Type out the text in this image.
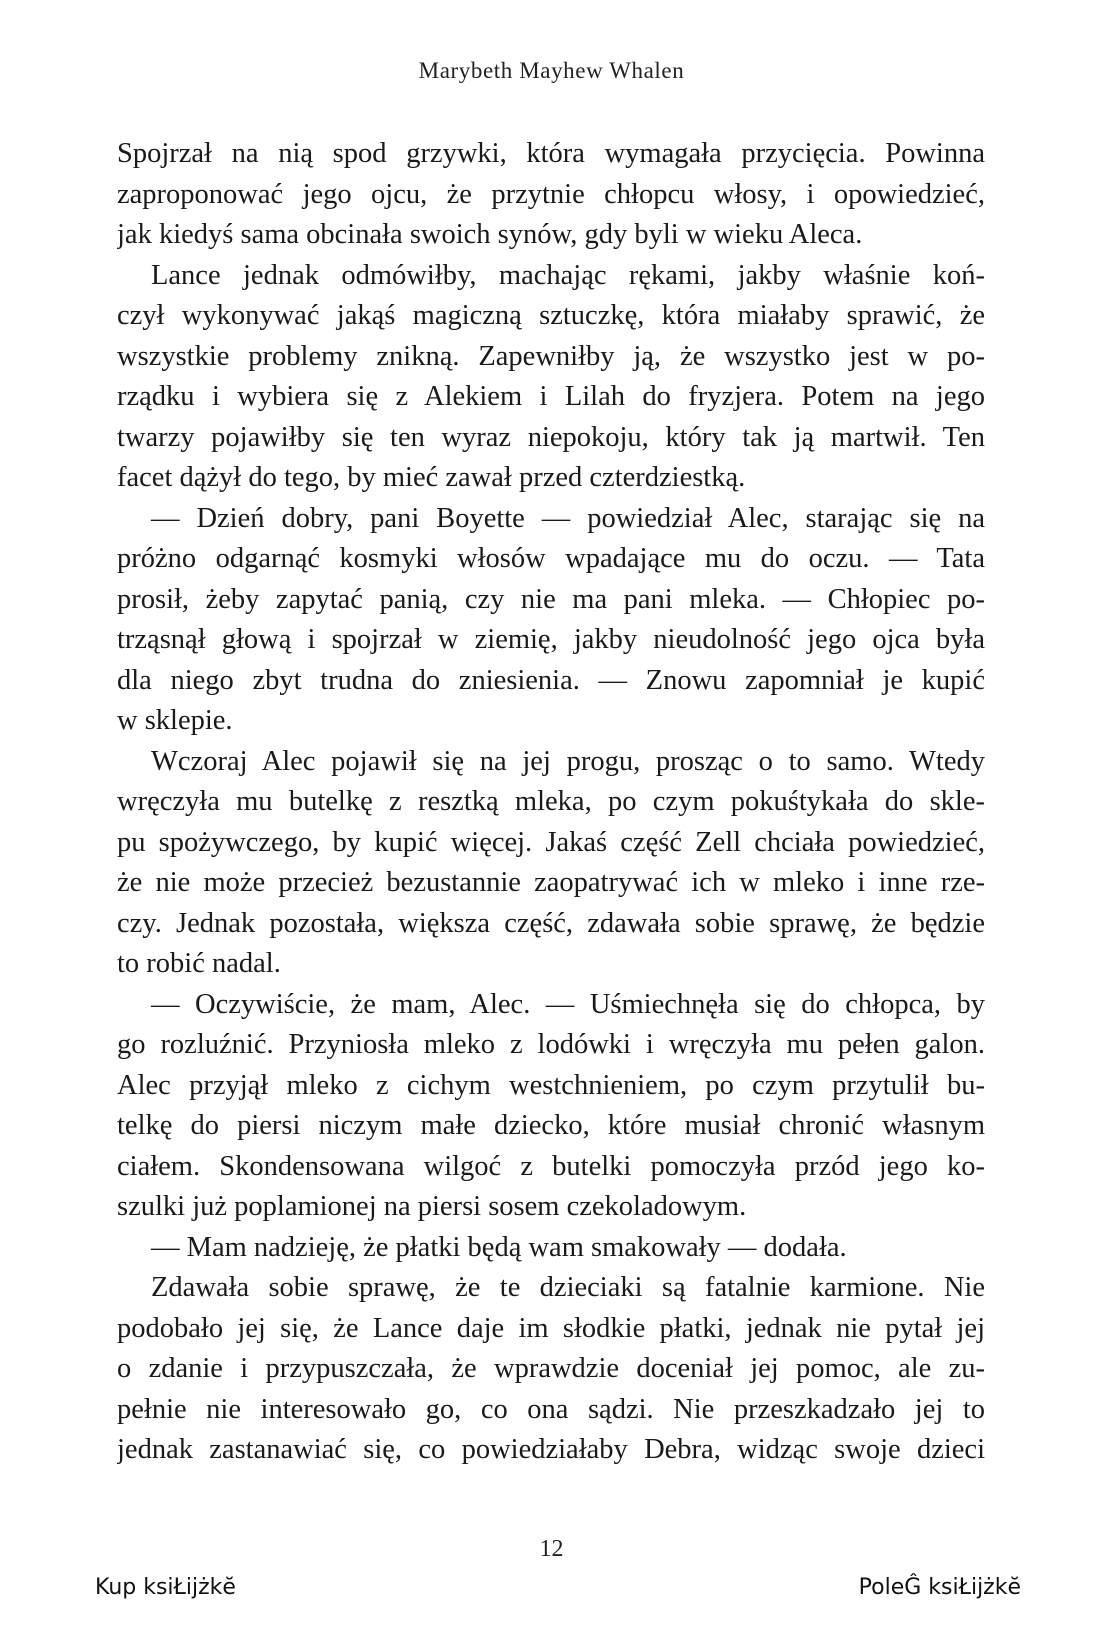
Marybeth Mayhew Whalen
Spojrzał na nią spod grzywki, która wymagała przycięcia. Powinna
zaproponować jego ojcu, że przytnie chłopcu włosy, i opowiedzieć,
jak kiedyś sama obcinała swoich synów, gdy byli w wieku Aleca.
Lance jednak odmówiłby, machając rękami, jakby właśnie koń-
czył wykonywać jakąś magiczną sztuczkę, która miałaby sprawić, że
wszystkie problemy znikną. Zapewniłby ją, że wszystko jest w po-
rządku i wybiera się z Alekiem i Lilah do fryzjera. Potem na jego
twarzy pojawiłby się ten wyraz niepokoju, który tak ją martwił. Ten
facet dążył do tego, by mieć zawał przed czterdziestką.
— Dzień dobry, pani Boyette — powiedział Alec, starając się na
próżno odgarnąć kosmyki włosów wpadające mu do oczu. — Tata
prosił, żeby zapytać panią, czy nie ma pani mleka. — Chłopiec po-
trząsnął głową i spojrzał w ziemię, jakby nieudolność jego ojca była
dla niego zbyt trudna do zniesienia. — Znowu zapomniał je kupić
w sklepie.
Wczoraj Alec pojawił się na jej progu, prosząc o to samo. Wtedy
wręczyła mu butelkę z resztką mleka, po czym pokuśtykała do skle-
pu spożywczego, by kupić więcej. Jakaś część Zell chciała powiedzieć,
że nie może przecież bezustannie zaopatrywać ich w mleko i inne rze-
czy. Jednak pozostała, większa część, zdawała sobie sprawę, że będzie
to robić nadal.
— Oczywiście, że mam, Alec. — Uśmiechnęła się do chłopca, by
go rozluźnić. Przyniosła mleko z lodówki i wręczyła mu pełen galon.
Alec przyjął mleko z cichym westchnieniem, po czym przytulił bu-
telkę do piersi niczym małe dziecko, które musiał chronić własnym
ciałem. Skondensowana wilgoć z butelki pomoczyła przód jego ko-
szulki już poplamionej na piersi sosem czekoladowym.
— Mam nadzieję, że płatki będą wam smakowały — dodała.
Zdawała sobie sprawę, że te dzieciaki są fatalnie karmione. Nie
podobało jej się, że Lance daje im słodkie płatki, jednak nie pytał jej
o zdanie i przypuszczała, że wprawdzie doceniał jej pomoc, ale zu-
pełnie nie interesowało go, co ona sądzi. Nie przeszkadzało jej to
jednak zastanawiać się, co powiedziałaby Debra, widząc swoje dzieci
12
Kup ksiŁĳżkĕ	PoleĜ ksiŁĳżkĕ
